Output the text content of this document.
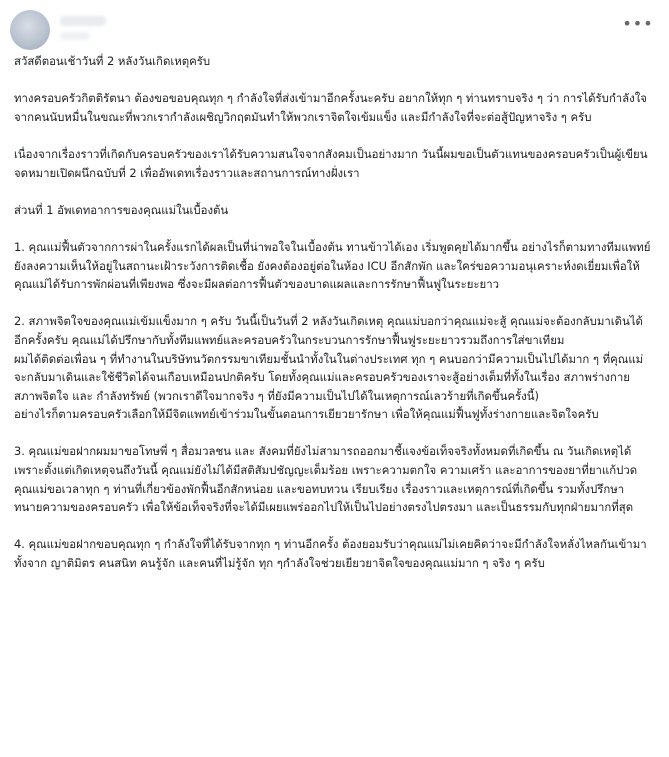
•••

สวัสดีตอนเช้าวันที่ 2 หลังวันเกิดเหตุครับ

ทางครอบครัวกิตติรัตนา ต้องขอขอบคุณทุก ๆ กำลังใจที่ส่งเข้ามาอีกครั้งนะครับ อยากให้ทุก ๆ ท่านทราบจริง ๆ ว่า การได้รับกำลังใจจากคนนับหมื่นในขณะที่พวกเรากำลังเผชิญวิกฤตมันทำให้พวกเราจิตใจเข้มแข็ง และมีกำลังใจที่จะต่อสู้ปัญหาจริง ๆ ครับ

เนื่องจากเรื่องราวที่เกิดกับครอบครัวของเราได้รับความสนใจจากสังคมเป็นอย่างมาก วันนี้ผมขอเป็นตัวแทนของครอบครัวเป็นผู้เขียนจดหมายเปิดผนึกฉบับที่ 2 เพื่ออัพเดทเรื่องราวและสถานการณ์ทางฝั่งเรา

ส่วนที่ 1 อัพเดทอาการของคุณแม่ในเบื้องต้น

1. คุณแม่ฟื้นตัวจากการผ่าในครั้งแรกได้ผลเป็นที่น่าพอใจในเบื้องต้น ทานข้าวได้เอง เริ่มพูดคุยได้มากขึ้น อย่างไรก็ตามทางทีมแพทย์ยังลงความเห็นให้อยู่ในสถานะเฝ้าระวังการติดเชื้อ ยังคงต้องอยู่ต่อในห้อง ICU อีกสักพัก และใคร่ขอความอนุเคราะห์งดเยี่ยมเพื่อให้คุณแม่ได้รับการพักผ่อนที่เพียงพอ ซึ่งจะมีผลต่อการฟื้นตัวของบาดแผลและการรักษาฟื้นฟูในระยะยาว

2. สภาพจิตใจของคุณแม่เข้มแข็งมาก ๆ ครับ วันนี้เป็นวันที่ 2 หลังวันเกิดเหตุ คุณแม่บอกว่าคุณแม่จะสู้ คุณแม่จะต้องกลับมาเดินได้อีกครั้งครับ คุณแม่ได้ปรึกษากับทั้งทีมแพทย์และครอบครัวในกระบวนการรักษาฟื้นฟูระยะยาวรวมถึงการใส่ขาเทียม

ผมได้ติดต่อเพื่อน ๆ ที่ทำงานในบริษัทนวัตกรรมขาเทียมชั้นนำทั้งในในต่างประเทศ ทุก ๆ คนบอกว่ามีความเป็นไปได้มาก ๆ ที่คุณแม่จะกลับมาเดินและใช้ชีวิตได้จนเกือบเหมือนปกติครับ โดยทั้งคุณแม่และครอบครัวของเราจะสู้อย่างเต็มที่ทั้งในเรื่อง สภาพร่างกาย สภาพจิตใจ และ กำลังทรัพย์ (พวกเราดีใจมากจริง ๆ ที่ยังมีความเป็นไปได้ในเหตุการณ์เลวร้ายที่เกิดขึ้นครั้งนี้)

อย่างไรก็ตามครอบครัวเลือกให้มีจิตแพทย์เข้าร่วมในขั้นตอนการเยียวยารักษา เพื่อให้คุณแม่ฟื้นฟูทั้งร่างกายและจิตใจครับ

3. คุณแม่ขอฝากผมมาขอโทษพี่ ๆ สื่อมวลชน และ สังคมที่ยังไม่สามารถออกมาชี้แจงข้อเท็จจริงทั้งหมดที่เกิดขึ้น ณ วันเกิดเหตุได้ เพราะตั้งแต่เกิดเหตุจนถึงวันนี้ คุณแม่ยังไม่ได้มีสติสัมปชัญญะเต็มร้อย เพราะความตกใจ ความเศร้า และอาการของยาที่ยาแก้ปวด คุณแม่ขอเวลาทุก ๆ ท่านที่เกี่ยวข้องพักฟื้นอีกสักหน่อย และขอทบทวน เรียบเรียง เรื่องราวและเหตุการณ์ที่เกิดขึ้น รวมทั้งปรึกษาทนายความของครอบครัว เพื่อให้ข้อเท็จจริงที่จะได้มีเผยแพร่ออกไปให้เป็นไปอย่างตรงไปตรงมา และเป็นธรรมกับทุกฝ่ายมากที่สุด

4. คุณแม่ขอฝากขอบคุณทุก ๆ กำลังใจที่ได้รับจากทุก ๆ ท่านอีกครั้ง ต้องยอมรับว่าคุณแม่ไม่เคยคิดว่าจะมีกำลังใจหลั่งไหลกันเข้ามา ทั้งจาก ญาติมิตร คนสนิท คนรู้จัก และคนที่ไม่รู้จัก ทุก ๆกำลังใจช่วยเยียวยาจิตใจของคุณแม่มาก ๆ จริง ๆ ครับ
